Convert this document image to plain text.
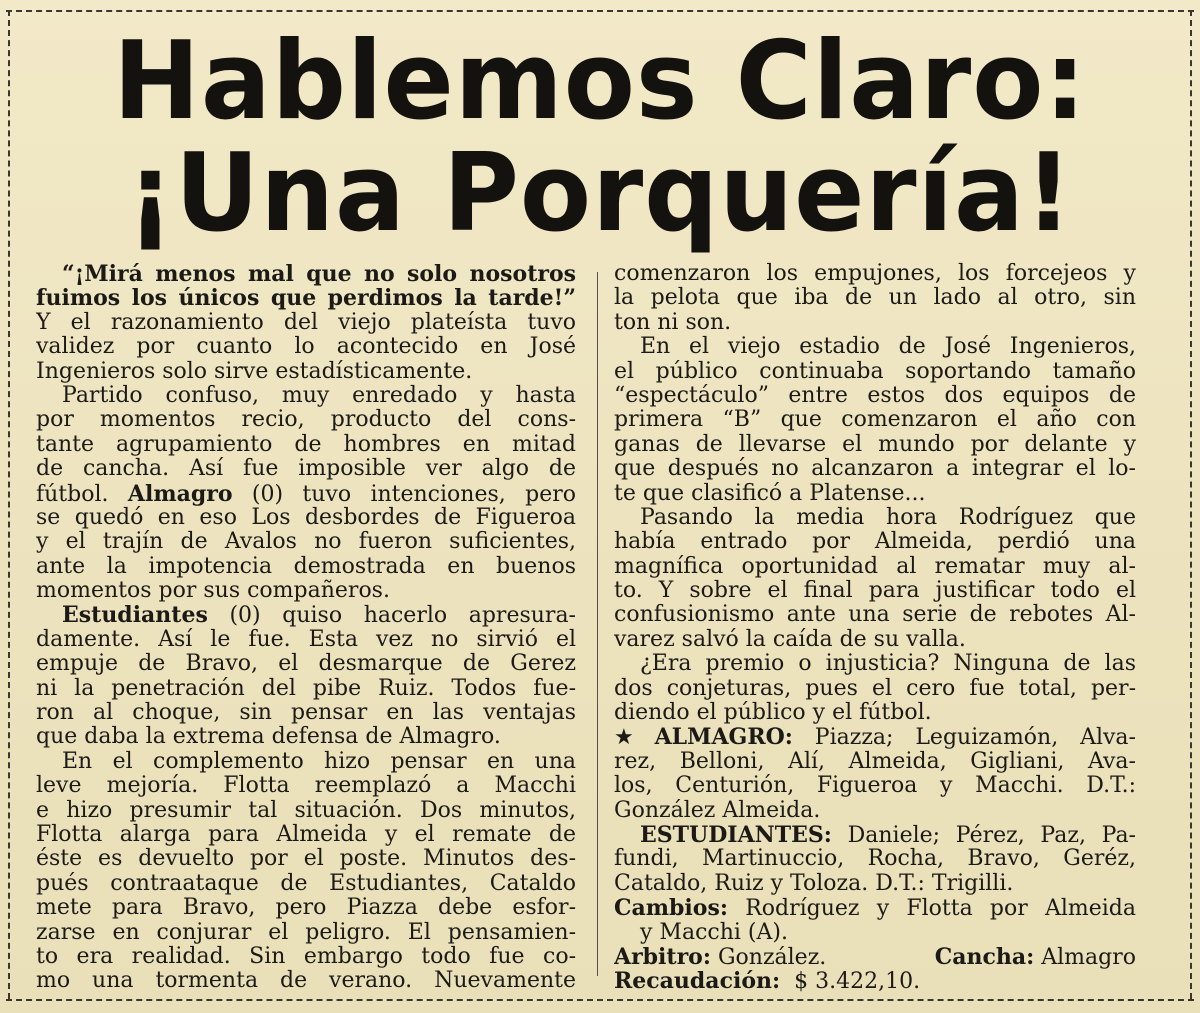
Hablemos Claro:
¡Una Porquería!
“¡Mirá menos mal que no solo nosotros
fuimos los únicos que perdimos la tarde!”
Y el razonamiento del viejo plateísta tuvo
validez por cuanto lo acontecido en José
Ingenieros solo sirve estadísticamente.
Partido confuso, muy enredado y hasta
por momentos recio, producto del cons-
tante agrupamiento de hombres en mitad
de cancha. Así fue imposible ver algo de
fútbol. Almagro (0) tuvo intenciones, pero
se quedó en eso Los desbordes de Figueroa
y el trajín de Avalos no fueron suficientes,
ante la impotencia demostrada en buenos
momentos por sus compañeros.
Estudiantes (0) quiso hacerlo apresura-
damente. Así le fue. Esta vez no sirvió el
empuje de Bravo, el desmarque de Gerez
ni la penetración del pibe Ruiz. Todos fue-
ron al choque, sin pensar en las ventajas
que daba la extrema defensa de Almagro.
En el complemento hizo pensar en una
leve mejoría. Flotta reemplazó a Macchi
e hizo presumir tal situación. Dos minutos,
Flotta alarga para Almeida y el remate de
éste es devuelto por el poste. Minutos des-
pués contraataque de Estudiantes, Cataldo
mete para Bravo, pero Piazza debe esfor-
zarse en conjurar el peligro. El pensamien-
to era realidad. Sin embargo todo fue co-
mo una tormenta de verano. Nuevamente
comenzaron los empujones, los forcejeos y
la pelota que iba de un lado al otro, sin
ton ni son.
En el viejo estadio de José Ingenieros,
el público continuaba soportando tamaño
“espectáculo” entre estos dos equipos de
primera “B” que comenzaron el año con
ganas de llevarse el mundo por delante y
que después no alcanzaron a integrar el lo-
te que clasificó a Platense...
Pasando la media hora Rodríguez que
había entrado por Almeida, perdió una
magnífica oportunidad al rematar muy al-
to. Y sobre el final para justificar todo el
confusionismo ante una serie de rebotes Al-
varez salvó la caída de su valla.
¿Era premio o injusticia? Ninguna de las
dos conjeturas, pues el cero fue total, per-
diendo el público y el fútbol.
★ ALMAGRO: Piazza; Leguizamón, Alva-
rez, Belloni, Alí, Almeida, Gigliani, Ava-
los, Centurión, Figueroa y Macchi. D.T.:
González Almeida.
ESTUDIANTES: Daniele; Pérez, Paz, Pa-
fundi, Martinuccio, Rocha, Bravo, Geréz,
Cataldo, Ruiz y Toloza. D.T.: Trigilli.
Cambios: Rodríguez y Flotta por Almeida
y Macchi (A).
Arbitro: González.	Cancha: Almagro
Recaudación: $ 3.422,10.
